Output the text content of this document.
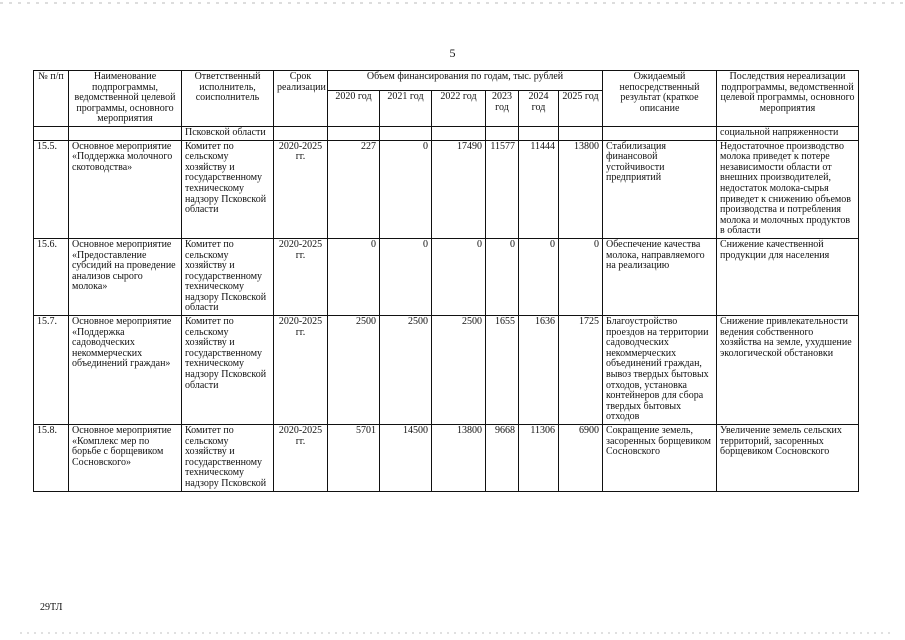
5
№ п/п	Наименование подпрограммы, ведомственной целевой программы, основного мероприятия	Ответственный исполнитель, соисполнитель	Срок реализации	Объем финансирования по годам, тыс. рублей						Ожидаемый непосредственный результат (краткое описание	Последствия нереализации подпрограммы, ведомственной целевой программы, основного мероприятия
				2020 год	2021 год	2022 год	2023 год	2024 год	2025 год		
		Псковской области									социальной напряженности
15.5.	Основное мероприятие «Поддержка молочного скотоводства»	Комитет по сельскому хозяйству и государственному техническому надзору Псковской области	2020-2025 гг.	227	0	17490	11577	11444	13800	Стабилизация финансовой устойчивости предприятий	Недостаточное производство молока приведет к потере независимости области от внешних производителей, недостаток молока-сырья приведет к снижению объемов производства и потребления молока и молочных продуктов в области
15.6.	Основное мероприятие «Предоставление субсидий на проведение анализов сырого молока»	Комитет по сельскому хозяйству и государственному техническому надзору Псковской области	2020-2025 гг.	0	0	0	0	0	0	Обеспечение качества молока, направляемого на реализацию	Снижение качественной продукции для населения
15.7.	Основное мероприятие «Поддержка садоводческих некоммерческих объединений граждан»	Комитет по сельскому хозяйству и государственному техническому надзору Псковской области	2020-2025 гг.	2500	2500	2500	1655	1636	1725	Благоустройство проездов на территории садоводческих некоммерческих объединений граждан, вывоз твердых бытовых отходов, установка контейнеров для сбора твердых бытовых отходов	Снижение привлекательности ведения собственного хозяйства на земле, ухудшение экологической обстановки
15.8.	Основное мероприятие «Комплекс мер по борьбе с борщевиком Сосновского»	Комитет по сельскому хозяйству и государственному техническому надзору Псковской	2020-2025 гг.	5701	14500	13800	9668	11306	6900	Сокращение земель, засоренных борщевиком Сосновского	Увеличение земель сельских территорий, засоренных борщевиком Сосновского
29ТЛ
